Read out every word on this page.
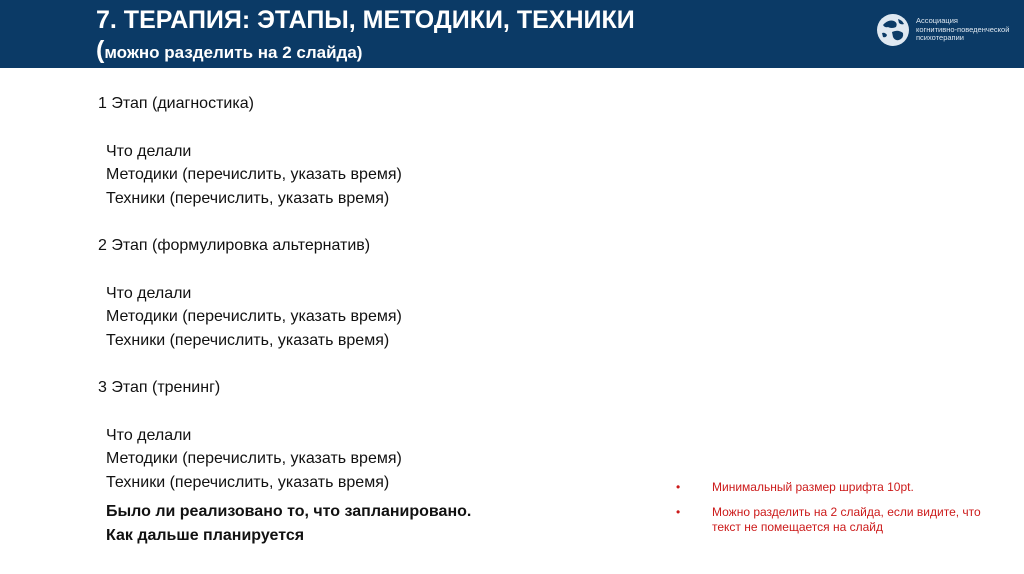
7. ТЕРАПИЯ: ЭТАПЫ, МЕТОДИКИ, ТЕХНИКИ
(можно разделить на 2 слайда)
Ассоциация
когнитивно-поведенческой
психотерапии
1 Этап (диагностика)
Что делали
Методики (перечислить, указать время)
Техники (перечислить, указать время)
2 Этап (формулировка альтернатив)
Что делали
Методики (перечислить, указать время)
Техники (перечислить, указать время)
3 Этап (тренинг)
Что делали
Методики (перечислить, указать время)
Техники (перечислить, указать время)
Было ли реализовано то, что запланировано.
Как дальше планируется
•	Минимальный размер шрифта 10pt.
•	Можно разделить на 2 слайда, если видите, что текст не помещается на слайд
